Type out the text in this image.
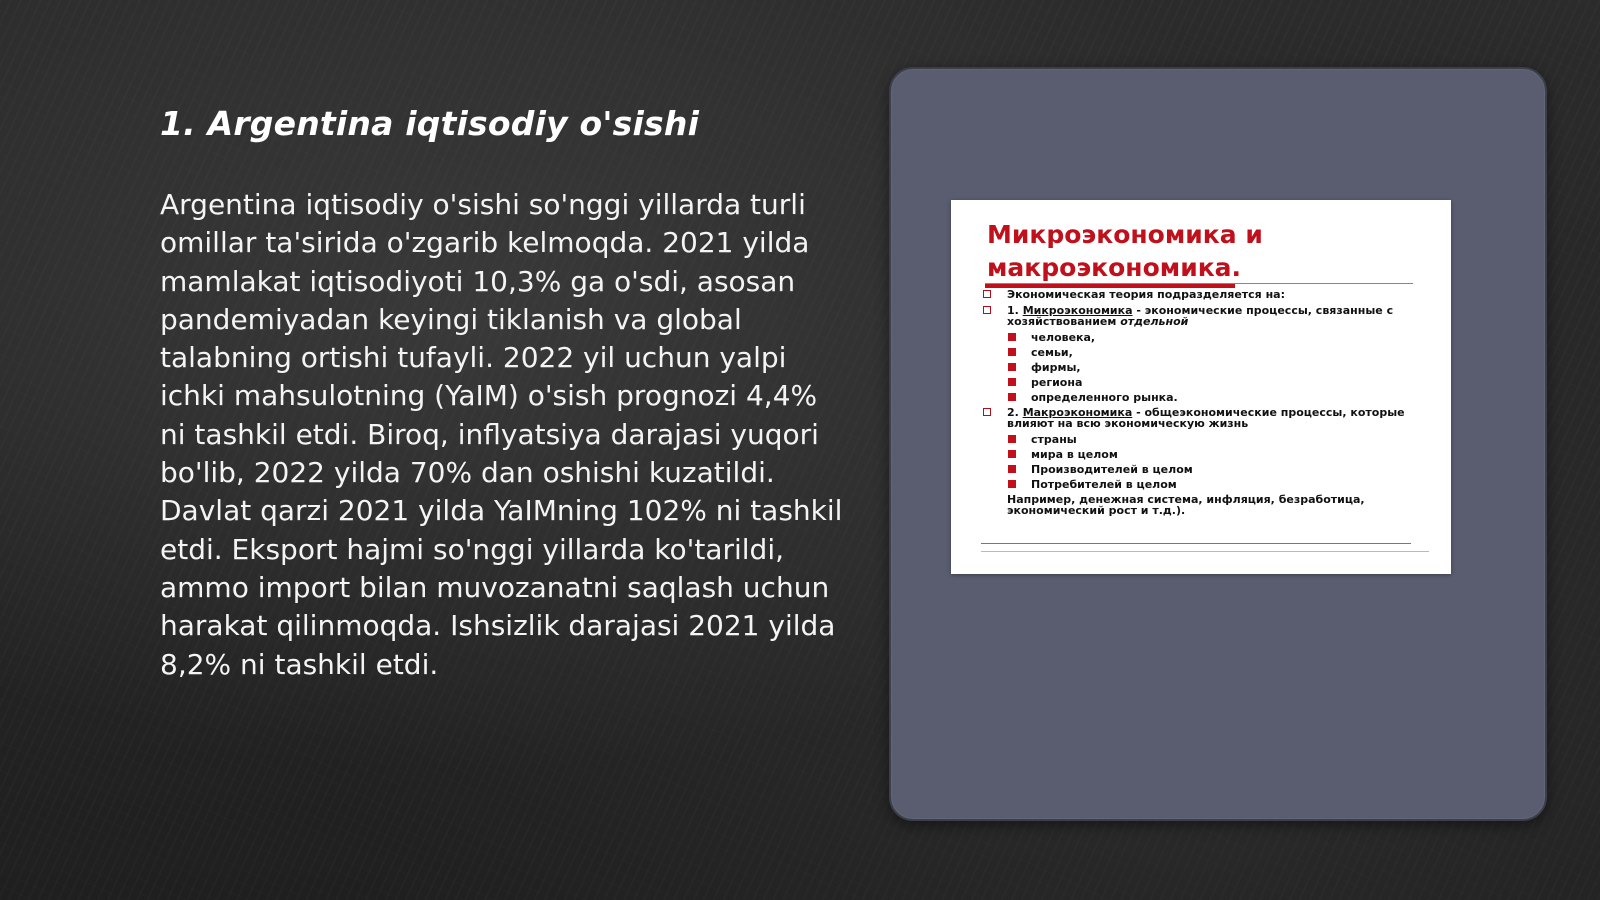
1. Argentina iqtisodiy o'sishi

Argentina iqtisodiy o'sishi so'nggi yillarda turli omillar ta'sirida o'zgarib kelmoqda. 2021 yilda mamlakat iqtisodiyoti 10,3% ga o'sdi, asosan pandemiyadan keyingi tiklanish va global talabning ortishi tufayli. 2022 yil uchun yalpi ichki mahsulotning (YaIM) o'sish prognozi 4,4% ni tashkil etdi. Biroq, inflyatsiya darajasi yuqori bo'lib, 2022 yilda 70% dan oshishi kuzatildi. Davlat qarzi 2021 yilda YaIMning 102% ni tashkil etdi. Eksport hajmi so'nggi yillarda ko'tarildi, ammo import bilan muvozanatni saqlash uchun harakat qilinmoqda. Ishsizlik darajasi 2021 yilda 8,2% ni tashkil etdi.

Микроэкономика и макроэкономика.
Экономическая теория подразделяется на:
1. Микроэкономика - экономические процессы, связанные с хозяйствованием отдельной
человека,
семьи,
фирмы,
региона
определенного рынка.
2. Макроэкономика - общеэкономические процессы, которые влияют на всю экономическую жизнь
страны
мира в целом
Производителей в целом
Потребителей в целом
Например, денежная система, инфляция, безработица, экономический рост и т.д.).
